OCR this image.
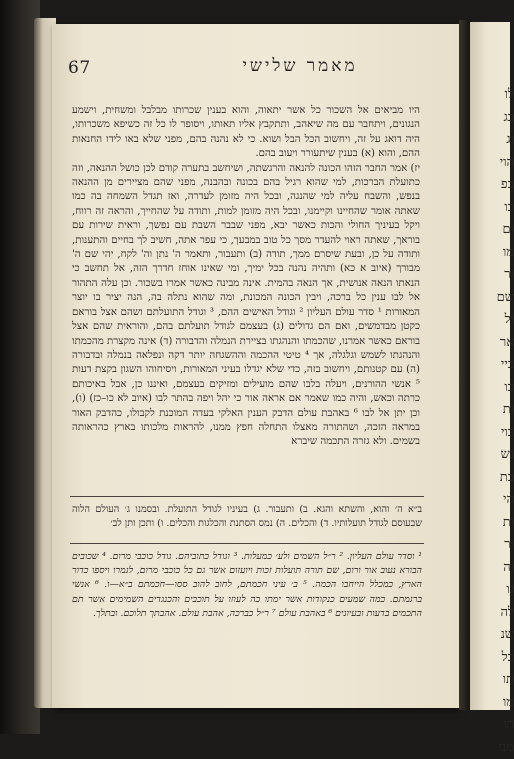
67	מאמר שלישי

היו מביאים אל השכור כל אשר יתאוה, והוא בענין שכרותו מבלבל ומשחית, וישמע הנגונים, ויתחבר עם מה שיאהב, ותתקבץ אליו תאותו, ויסופר לו כל זה כשיפא משכרותו, היה דואג על זה, ויחשוב הכל הבל ושוא. כי לא נהנה בהם, מפני שלא באו לידו החנאות ההם, והוא (א) בענין שיתעורר ויעוב בהם.

יז) אמר החבר הזהו הכונה להנאה והרגשתה, ושיחשב בתערה קודם לכן כושל ההנאה, וזה כתועלת הברכות, למי שהוא רגיל בהם בכונה ובהבנה, מפני שהם מציירים מן ההנאה בנפש, והשבח עליה למי שהנגה, ובכל היה מזומן לעדרה, ואז תגדל השמחה בה כמו שאתה אומר שהחיינו וקיימנו, ובכל היה מזומן למות, ותודה על שהחייך, והראה זה רווח, ויקל בעיניך החולי והכות כאשר יבא, מפני שבבר השבת עם נפשך, וראית שירות עם בוראך, שאתה ראוי להעדר מסך כל טוב במבעך, כי עפר אתה, חשיב לך בחיים והתענות, ותודה על כן, ובעת שיסרם ממך, תודה (ב) ותעבור, ותאמר ה' נתן וה' לקח, יהי שם ה' מבורך (איוב א כא) ותהיה נהנה בכל ימיך, ומי שאינו אוחז חדרך הזה, אל תחשב כי הנאתו הנאה אנושית, אך הנאה בהמית. אינה מבינה כאשר אמרו בשכור. וכן עלה התהור אל לבו ענין כל ברכה, ויבין הכונה המכונת, ומה שהוא נתלה בה, הנה יציר בו יוצר המאורות ¹ סדר עולם העליון ² וגודל האישים ההם, ³ וגודל התועלתם ושהם אצל בוראם כקטן מבדמשים, ואם הם גדולים (ג) בעצמם לגודל תועלתם בהם, והוראית שהם אצל בוראם כאשר אמרנו, שהכמתו והנהגתו בציירת הנמלה והדבורה (ד) אינה מקצרת מהכמתו והנהגתו לשמש וגלגלה, אך ⁴ טיטי ההכמה וההשגחה יותר דקה ונפלאה בנמלה ובדבורה (ה) עם קטנותם, ויחשוב בזה, כדי שלא יגדלו בעיני המאורות, ויסיחוהו השגון בקצת דעות ⁵ אנשי ההורנים, ויעלה בלבו שהם מועילים ומזיקים בעצמם, ואיננו כן, אבל באיכותם כרתה וכאש, והיה כמו שאמר אם אראה אור כי יהל ויפה בהתר לבו (איוב לא כו–כז) (ו), וכן יתן אל לבו ⁶ באהבת עולם הדבק הענין האלקי בעדה המוכנת לקבולו, כהדבק האור במראה הזכה, ושהתורה מאצלו התחלה חפץ ממנו, להראות מלכותו בארץ כהראותה בשמים. ולא גזרה התכמה שיברא

ב״א ה׳ והוא, והשתא והגא. ב) ותעבור. ג) בעיניו לגודל התועלת. ובסמנו ג׳ העולם הלוה שבעוסם לגודל תועלותיו. ד) והכלים. ה) נמס הסתנת והכלגות והכלים. ו) ותכן ותן לב׳
¹ וסדר עולם העליון. ² ר״ל השמים ולע׳ כמעלות. ³ וגודל כתוביהם. גודל כוכבי מרום. ⁴ שכובים הבורא נעוב אור ורום, שם תורה תועלות זכות ויועזום אשר גם כל כוכבי מרום, לגמרו ויספו כדור הארץ, כמכלל הייחבו הכמה. ⁵ ב׳ עיני חכמתם, לחוב להוב ססו—חכמתם ב״א—ו. ⁶ אנשי ברגמתם. כמה שמעים כנקודות אשר ימתו כה לעוזו על תוכבים והכנגדים השמימים אשר תם התכמים בדעות ובעיונים ⁶ באהבת עולם ⁷ ר״ל כברכה, אהבת עולם. אהבתך תלוכם. ובתלך.
לו
בג
וג
הוי
בפ
כו
ום
מו
ור
שם
ול
אר
ביי
כו
ות
בוי
נש
בת
הי
ות
ור
וה
גו
לה
שנ
כל
תו
מו
הו
מני
